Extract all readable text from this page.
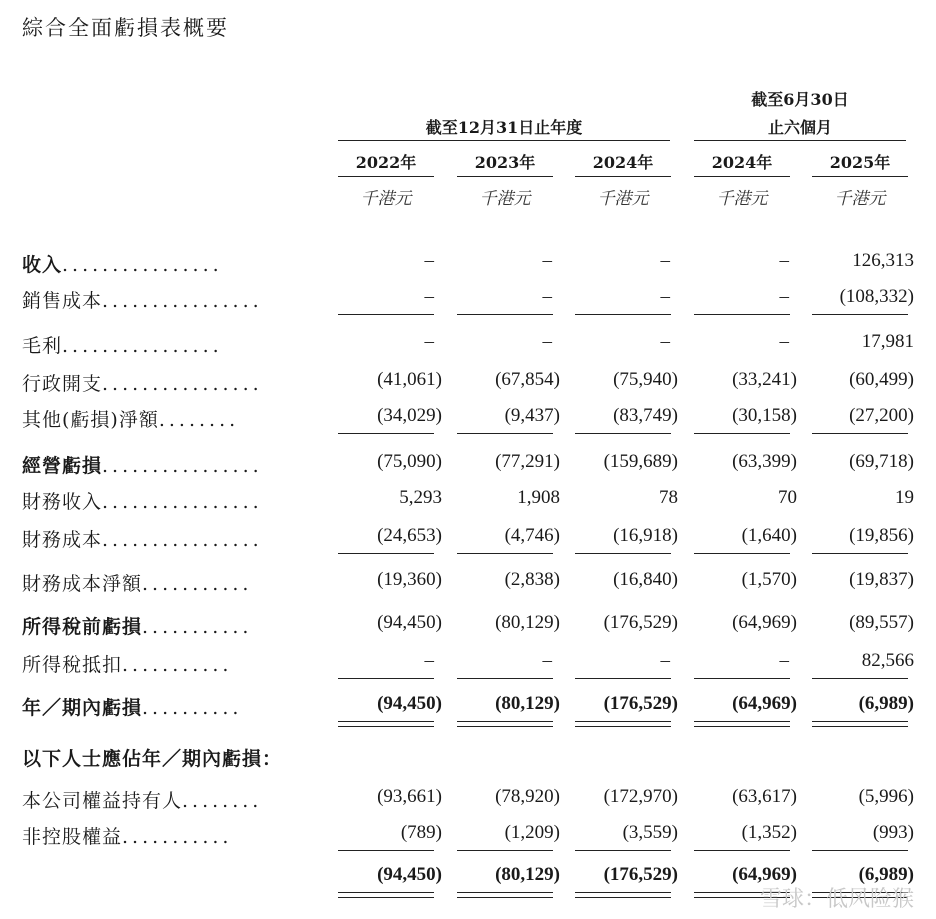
綜合全面虧損表概要
截至12月31日止年度
截至6月30日
止六個月
2022年	2023年	2024年	2024年	2025年
千港元	千港元	千港元	千港元	千港元
收入................	–	–	–	–	126,313
銷售成本................	–	–	–	–	(108,332)
毛利................	–	–	–	–	17,981
行政開支................	(41,061)	(67,854)	(75,940)	(33,241)	(60,499)
其他(虧損)淨額........	(34,029)	(9,437)	(83,749)	(30,158)	(27,200)
經營虧損................	(75,090)	(77,291)	(159,689)	(63,399)	(69,718)
財務收入................	5,293	1,908	78	70	19
財務成本................	(24,653)	(4,746)	(16,918)	(1,640)	(19,856)
財務成本淨額...........	(19,360)	(2,838)	(16,840)	(1,570)	(19,837)
所得稅前虧損...........	(94,450)	(80,129)	(176,529)	(64,969)	(89,557)
所得稅抵扣...........	–	–	–	–	82,566
年／期內虧損..........	(94,450)	(80,129)	(176,529)	(64,969)	(6,989)
以下人士應佔年／期內虧損：
本公司權益持有人........	(93,661)	(78,920)	(172,970)	(63,617)	(5,996)
非控股權益...........	(789)	(1,209)	(3,559)	(1,352)	(993)
(94,450)	(80,129)	(176,529)	(64,969)	(6,989)
雪球：低风险猴
